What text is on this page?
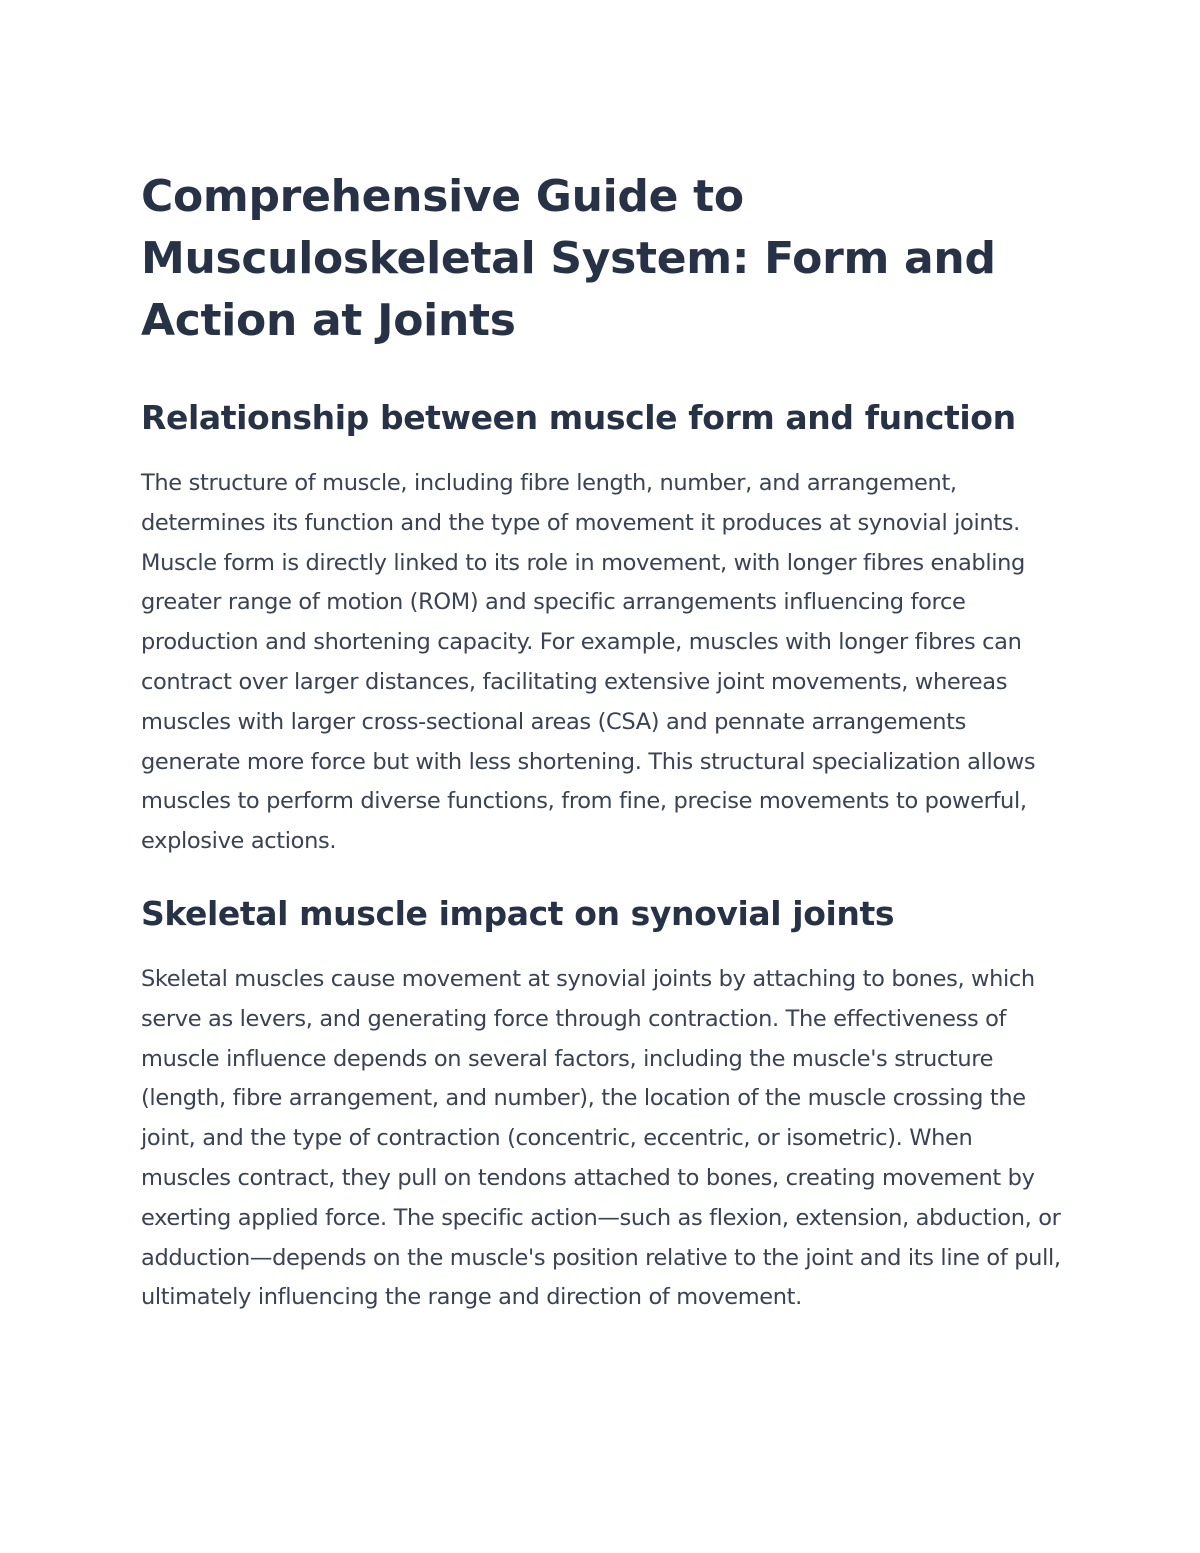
Comprehensive Guide to Musculoskeletal System: Form and Action at Joints
Relationship between muscle form and function

The structure of muscle, including fibre length, number, and arrangement, determines its function and the type of movement it produces at synovial joints. Muscle form is directly linked to its role in movement, with longer fibres enabling greater range of motion (ROM) and specific arrangements influencing force production and shortening capacity. For example, muscles with longer fibres can contract over larger distances, facilitating extensive joint movements, whereas muscles with larger cross-sectional areas (CSA) and pennate arrangements generate more force but with less shortening. This structural specialization allows muscles to perform diverse functions, from fine, precise movements to powerful, explosive actions.

Skeletal muscle impact on synovial joints

Skeletal muscles cause movement at synovial joints by attaching to bones, which serve as levers, and generating force through contraction. The effectiveness of muscle influence depends on several factors, including the muscle's structure (length, fibre arrangement, and number), the location of the muscle crossing the joint, and the type of contraction (concentric, eccentric, or isometric). When muscles contract, they pull on tendons attached to bones, creating movement by exerting applied force. The specific action—such as flexion, extension, abduction, or adduction—depends on the muscle's position relative to the joint and its line of pull, ultimately influencing the range and direction of movement.
